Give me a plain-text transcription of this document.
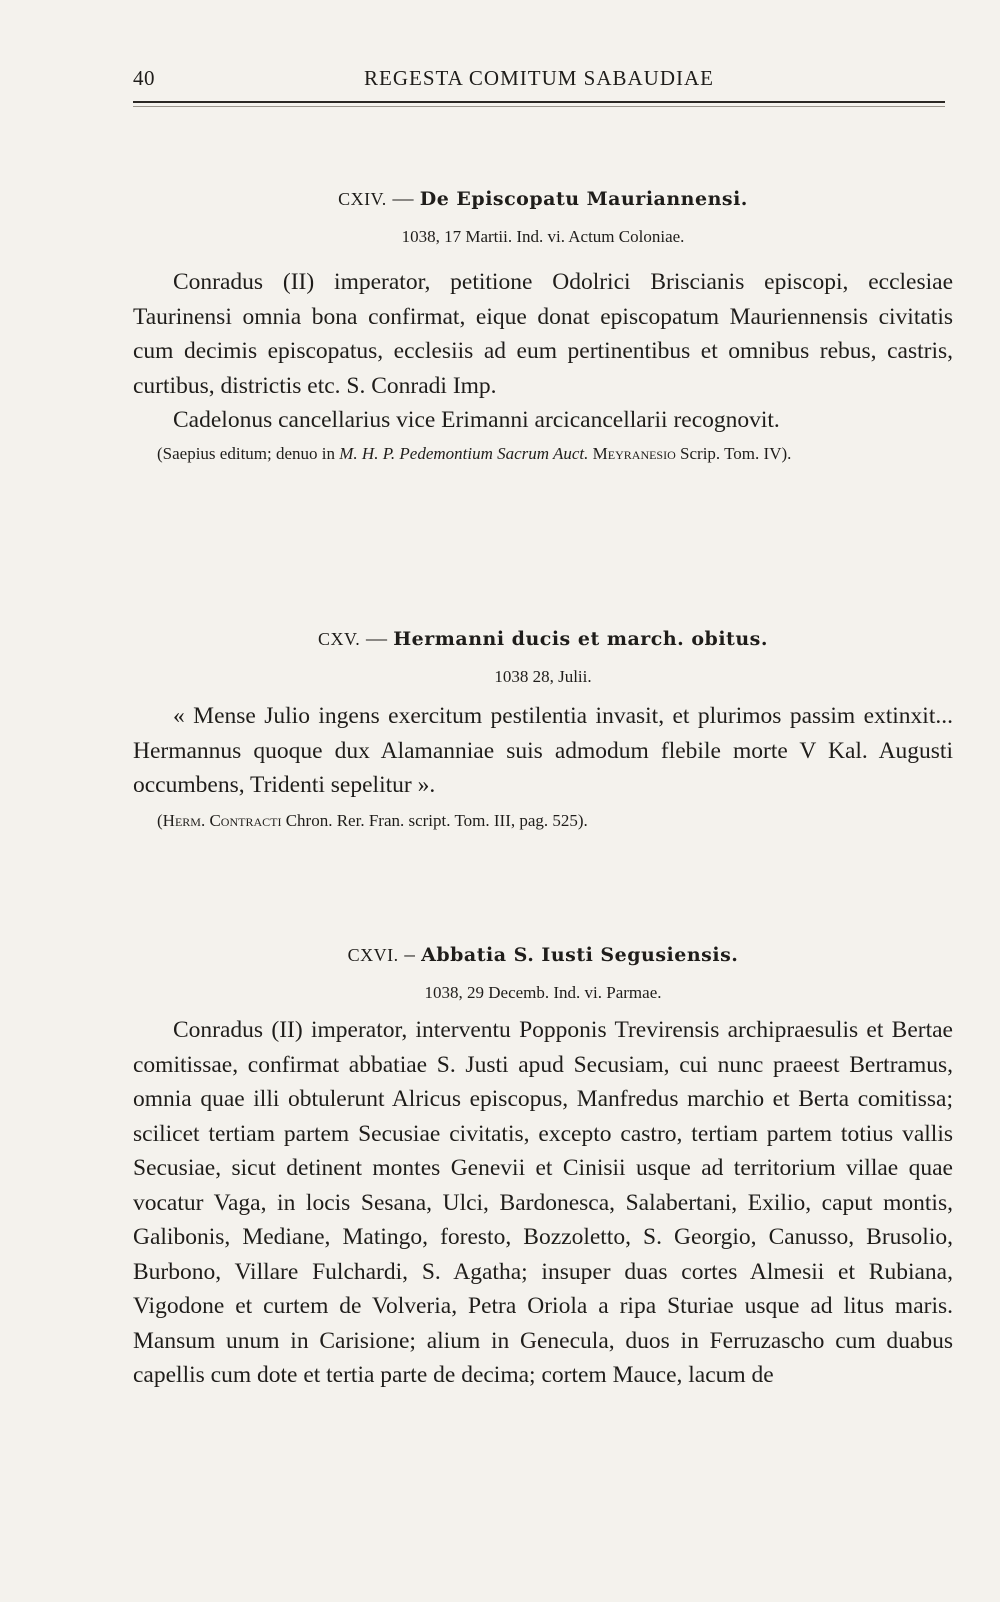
40	REGESTA COMITUM SABAUDIAE
CXIV. — De Episcopatu Mauriannensi.
1038, 17 Martii. Ind. vi. Actum Coloniae.

Conradus (II) imperator, petitione Odolrici Briscianis episcopi, ecclesiae Taurinensi omnia bona confirmat, eique donat episcopatum Mauriennensis civitatis cum decimis episcopatus, ecclesiis ad eum pertinentibus et omnibus rebus, castris, curtibus, districtis etc. S. Conradi Imp.

Cadelonus cancellarius vice Erimanni arcicancellarii recognovit.

(Saepius editum; denuo in M. H. P. Pedemontium Sacrum Auct. Meyranesio Scrip. Tom. IV).

CXV. — Hermanni ducis et march. obitus.
1038 28, Julii.

« Mense Julio ingens exercitum pestilentia invasit, et plurimos passim extinxit... Hermannus quoque dux Alamanniae suis admodum flebile morte V Kal. Augusti occumbens, Tridenti sepelitur ».

(Herm. Contracti Chron. Rer. Fran. script. Tom. III, pag. 525).

CXVI. – Abbatia S. Iusti Segusiensis.
1038, 29 Decemb. Ind. vi. Parmae.

Conradus (II) imperator, interventu Popponis Trevirensis archipraesulis et Bertae comitissae, confirmat abbatiae S. Justi apud Secusiam, cui nunc praeest Bertramus, omnia quae illi obtulerunt Alricus episcopus, Manfredus marchio et Berta comitissa; scilicet tertiam partem Secusiae civitatis, excepto castro, tertiam partem totius vallis Secusiae, sicut detinent montes Genevii et Cinisii usque ad territorium villae quae vocatur Vaga, in locis Sesana, Ulci, Bardonesca, Salabertani, Exilio, caput montis, Galibonis, Mediane, Matingo, foresto, Bozzoletto, S. Georgio, Canusso, Brusolio, Burbono, Villare Fulchardi, S. Agatha; insuper duas cortes Almesii et Rubiana, Vigodone et curtem de Volveria, Petra Oriola a ripa Sturiae usque ad litus maris. Mansum unum in Carisione; alium in Genecula, duos in Ferruzascho cum duabus capellis cum dote et tertia parte de decima; cortem Mauce, lacum de
